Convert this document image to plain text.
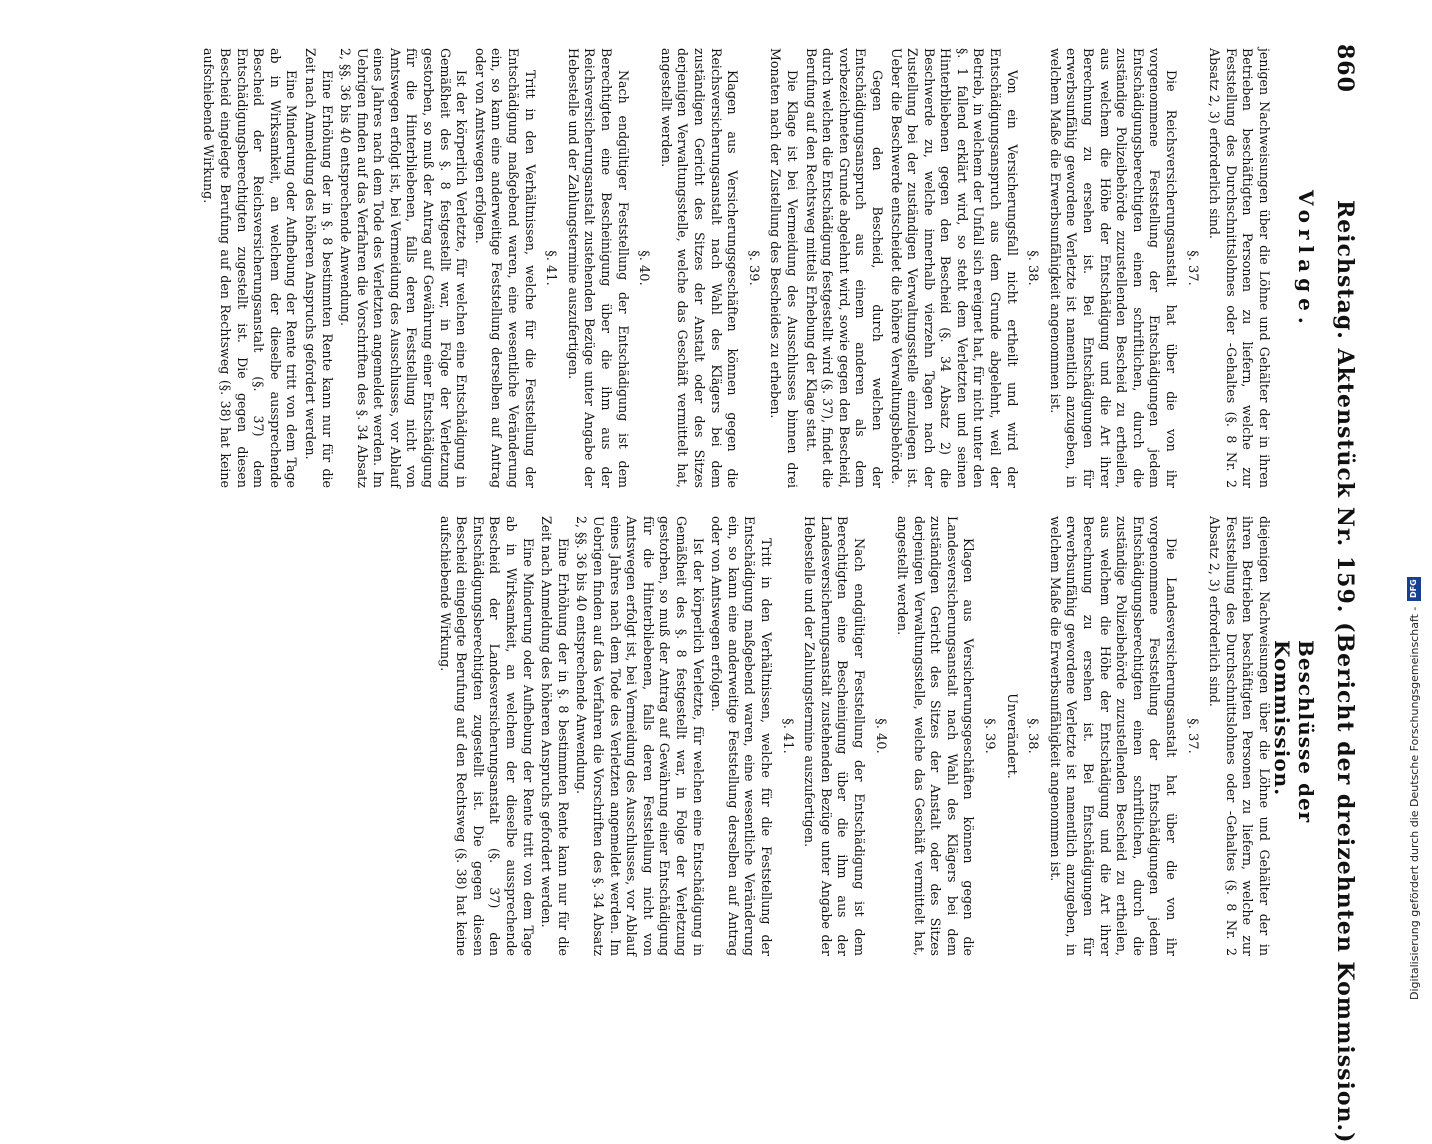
860
Reichstag. Aktenstück Nr. 159. (Bericht der dreizehnten Kommission.)
Vorlage.
Beschlüsse der Kommission.

jenigen Nachweisungen über die Löhne und Gehälter der in ihren Betrieben beschäftigten Personen zu liefern, welche zur Feststellung des Durchschnittslohnes oder -Gehaltes (§. 8 Nr. 2 Absatz 2, 3) erforderlich sind.

§. 37.

Die Reichsversicherungsanstalt hat über die von ihr vorgenommene Feststellung der Entschädigungen jedem Entschädigungsberechtigten einen schriftlichen, durch die zuständige Polizeibehörde zuzustellenden Bescheid zu ertheilen, aus welchem die Höhe der Entschädigung und die Art ihrer Berechnung zu ersehen ist. Bei Entschädigungen für erwerbsunfähig gewordene Verletzte ist namentlich anzugeben, in welchem Maße die Erwerbsunfähigkeit angenommen ist.

§. 38.

Von ein Versicherungsfall nicht ertheilt und wird der Entschädigungsanspruch aus dem Grunde abgelehnt, weil der Betrieb, in welchem der Unfall sich ereignet hat, für nicht unter den §. 1 fallend erklärt wird, so steht dem Verletzten und seinen Hinterbliebenen gegen den Bescheid (§. 34 Absatz 2) die Beschwerde zu, welche innerhalb vierzehn Tagen nach der Zustellung bei der zuständigen Verwaltungsstelle einzulegen ist. Ueber die Beschwerde entscheidet die höhere Verwaltungsbehörde.

Gegen den Bescheid, durch welchen der Entschädigungsanspruch aus einem anderen als dem vorbezeichneten Grunde abgelehnt wird, sowie gegen den Bescheid, durch welchen die Entschädigung festgestellt wird (§. 37), findet die Berufung auf den Rechtsweg mittels Erhebung der Klage statt.

Die Klage ist bei Vermeidung des Ausschlusses binnen drei Monaten nach der Zustellung des Bescheides zu erheben.

§. 39.

Klagen aus Versicherungsgeschäften können gegen die Reichsversicherungsanstalt nach Wahl des Klägers bei dem zuständigen Gericht des Sitzes der Anstalt oder des Sitzes derjenigen Verwaltungsstelle, welche das Geschäft vermittelt hat, angestellt werden.

§. 40.

Nach endgültiger Feststellung der Entschädigung ist dem Berechtigten eine Bescheinigung über die ihm aus der Reichsversicherungsanstalt zustehenden Bezüge unter Angabe der Hebestelle und der Zahlungstermine auszufertigen.

§. 41.

Tritt in den Verhältnissen, welche für die Feststellung der Entschädigung maßgebend waren, eine wesentliche Veränderung ein, so kann eine anderweitige Feststellung derselben auf Antrag oder von Amtswegen erfolgen.

Ist der körperlich Verletzte, für welchen eine Entschädigung in Gemäßheit des §. 8 festgestellt war, in Folge der Verletzung gestorben, so muß der Antrag auf Gewährung einer Entschädigung für die Hinterbliebenen, falls deren Feststellung nicht von Amtswegen erfolgt ist, bei Vermeidung des Ausschlusses, vor Ablauf eines Jahres nach dem Tode des Verletzten angemeldet werden. Im Uebrigen finden auf das Verfahren die Vorschriften des §. 34 Absatz 2, §§. 36 bis 40 entsprechende Anwendung.

Eine Erhöhung der in §. 8 bestimmten Rente kann nur für die Zeit nach Anmeldung des höheren Anspruchs gefordert werden.

Eine Minderung oder Aufhebung der Rente tritt von dem Tage ab in Wirksamkeit, an welchem der dieselbe aussprechende Bescheid der Reichsversicherungsanstalt (§. 37) dem Entschädigungsberechtigten zugestellt ist. Die gegen diesen Bescheid eingelegte Berufung auf den Rechtsweg (§. 38) hat keine aufschiebende Wirkung.

diejenigen Nachweisungen über die Löhne und Gehälter der in ihren Betrieben beschäftigten Personen zu liefern, welche zur Feststellung des Durchschnittslohnes oder -Gehaltes (§. 8 Nr. 2 Absatz 2, 3) erforderlich sind.

§. 37.

Die Landesversicherungsanstalt hat über die von ihr vorgenommene Feststellung der Entschädigungen jedem Entschädigungsberechtigten einen schriftlichen, durch die zuständige Polizeibehörde zuzustellenden Bescheid zu ertheilen, aus welchem die Höhe der Entschädigung und die Art ihrer Berechnung zu ersehen ist. Bei Entschädigungen für erwerbsunfähig gewordene Verletzte ist namentlich anzugeben, in welchem Maße die Erwerbsunfähigkeit angenommen ist.

§. 38.

Unverändert.

§. 39.

Klagen aus Versicherungsgeschäften können gegen die Landesversicherungsanstalt nach Wahl des Klägers bei dem zuständigen Gericht des Sitzes der Anstalt oder des Sitzes derjenigen Verwaltungsstelle, welche das Geschäft vermittelt hat, angestellt werden.

§. 40.

Nach endgültiger Feststellung der Entschädigung ist dem Berechtigten eine Bescheinigung über die ihm aus der Landesversicherungsanstalt zustehenden Bezüge unter Angabe der Hebestelle und der Zahlungstermine auszufertigen.

§. 41.

Tritt in den Verhältnissen, welche für die Feststellung der Entschädigung maßgebend waren, eine wesentliche Veränderung ein, so kann eine anderweitige Feststellung derselben auf Antrag oder von Amtswegen erfolgen.

Ist der körperlich Verletzte, für welchen eine Entschädigung in Gemäßheit des §. 8 festgestellt war, in Folge der Verletzung gestorben, so muß der Antrag auf Gewährung einer Entschädigung für die Hinterbliebenen, falls deren Feststellung nicht von Amtswegen erfolgt ist, bei Vermeidung des Ausschlusses, vor Ablauf eines Jahres nach dem Tode des Verletzten angemeldet werden. Im Uebrigen finden auf das Verfahren die Vorschriften des §. 34 Absatz 2, §§. 36 bis 40 entsprechende Anwendung.

Eine Erhöhung der in §. 8 bestimmten Rente kann nur für die Zeit nach Anmeldung des höheren Anspruchs gefordert werden.

Eine Minderung oder Aufhebung der Rente tritt von dem Tage ab in Wirksamkeit, an welchem der dieselbe aussprechende Bescheid der Landesversicherungsanstalt (§. 37) den Entschädigungsberechtigten zugestellt ist. Die gegen diesen Bescheid eingelegte Berufung auf den Rechtsweg (§. 38) hat keine aufschiebende Wirkung.

Digitalisierung gefördert durch die Deutsche Forschungsgemeinschaft -
DFG
